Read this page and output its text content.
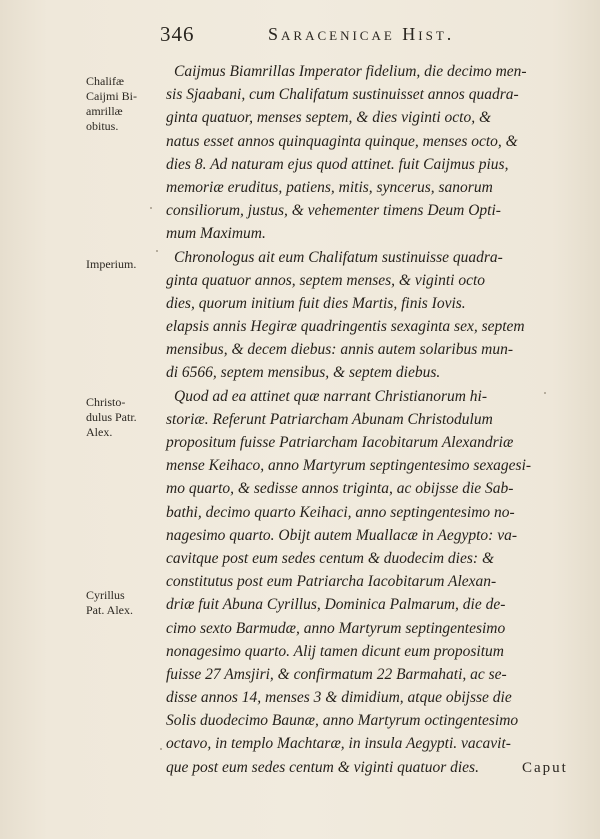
346	Saracenicae Hist.
Chalifæ
Caijmi Bi-
amrillæ
obitus.
Imperium.
Christo-
dulus Patr.
Alex.
Cyrillus
Pat. Alex.
Caijmus Biamrillas Imperator fidelium, die decimo men-
sis Sjaabani, cum Chalifatum sustinuisset annos quadra-
ginta quatuor, menses septem, & dies viginti octo, &
natus esset annos quinquaginta quinque, menses octo, &
dies 8. Ad naturam ejus quod attinet. fuit Caijmus pius,
memoriæ eruditus, patiens, mitis, syncerus, sanorum
consiliorum, justus, & vehementer timens Deum Opti-
mum Maximum.
Chronologus ait eum Chalifatum sustinuisse quadra-
ginta quatuor annos, septem menses, & viginti octo
dies, quorum initium fuit dies Martis, finis Iovis.
elapsis annis Hegiræ quadringentis sexaginta sex, septem
mensibus, & decem diebus: annis autem solaribus mun-
di 6566, septem mensibus, & septem diebus.
Quod ad ea attinet quæ narrant Christianorum hi-
storiæ. Referunt Patriarcham Abunam Christodulum
propositum fuisse Patriarcham Iacobitarum Alexandriæ
mense Keihaco, anno Martyrum septingentesimo sexagesi-
mo quarto, & sedisse annos triginta, ac obijsse die Sab-
bathi, decimo quarto Keihaci, anno septingentesimo no-
nagesimo quarto. Obijt autem Muallacæ in Aegypto: va-
cavitque post eum sedes centum & duodecim dies: &
constitutus post eum Patriarcha Iacobitarum Alexan-
driæ fuit Abuna Cyrillus, Dominica Palmarum, die de-
cimo sexto Barmudæ, anno Martyrum septingentesimo
nonagesimo quarto. Alij tamen dicunt eum propositum
fuisse 27 Amsjiri, & confirmatum 22 Barmahati, ac se-
disse annos 14, menses 3 & dimidium, atque obijsse die
Solis duodecimo Baunæ, anno Martyrum octingentesimo
octavo, in templo Machtaræ, in insula Aegypti. vacavit-
que post eum sedes centum & viginti quatuor dies.	Caput
